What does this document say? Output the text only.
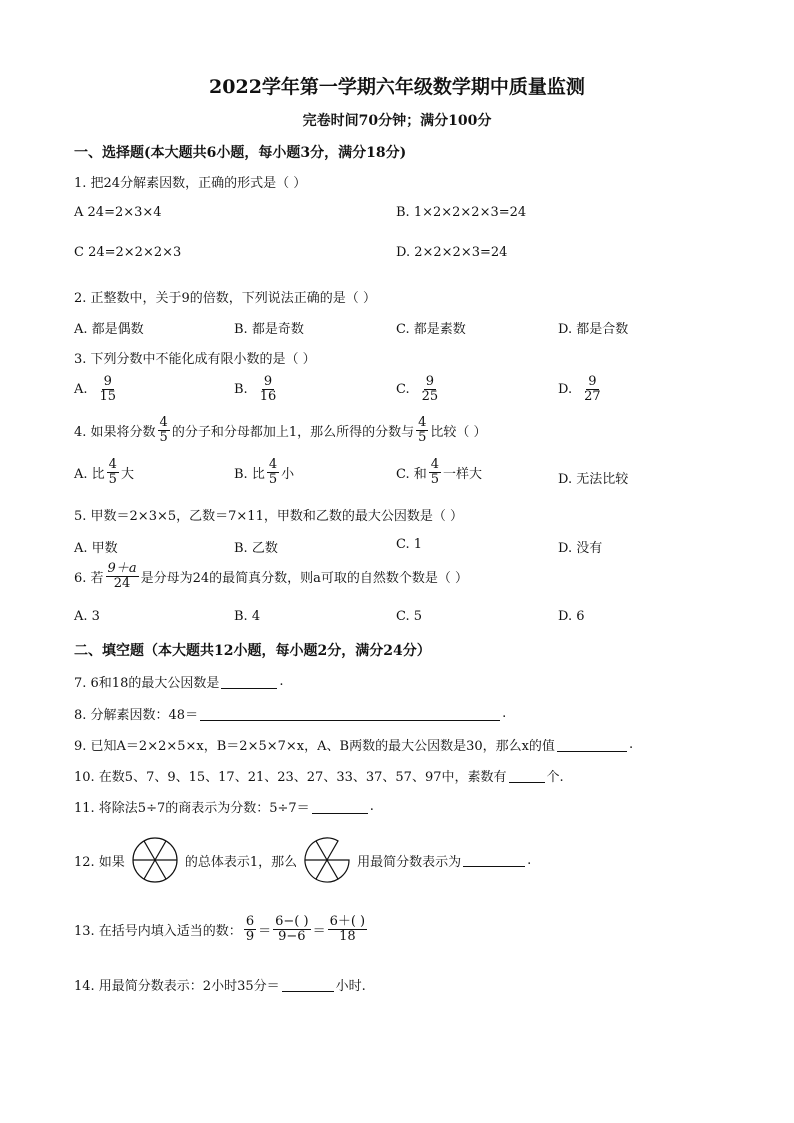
2022学年第一学期六年级数学期中质量监测
完卷时间70分钟；满分100分
一、选择题(本大题共6小题，每小题3分，满分18分)
1. 把24分解素因数，正确的形式是（ ）
A 24=2×3×4	B. 1×2×2×2×3=24
C 24=2×2×2×3	D. 2×2×2×3=24
2. 正整数中，关于9的倍数，下列说法正确的是（ ）
A. 都是偶数	B. 都是奇数	C. 都是素数	D. 都是合数
3. 下列分数中不能化成有限小数的是（ ）
A. $\frac{9}{15}$	B. $\frac{9}{16}$	C. $\frac{9}{25}$	D. $\frac{9}{27}$
4. 如果将分数 $\frac{4}{5}$ 的分子和分母都加上1，那么所得的分数与 $\frac{4}{5}$ 比较（ ）
A. 比 $\frac{4}{5}$ 大	B. 比 $\frac{4}{5}$ 小	C. 和 $\frac{4}{5}$ 一样大	D. 无法比较
5. 甲数＝2×3×5，乙数＝7×11，甲数和乙数的最大公因数是（ ）
A. 甲数	B. 乙数	C. 1	D. 没有
6. 若 $\frac{9+a}{24}$ 是分母为24的最简真分数，则a可取的自然数个数是（ ）
A. 3	B. 4	C. 5	D. 6
二、填空题（本大题共12小题，每小题2分，满分24分）
7. 6和18的最大公因数是	.
8. 分解素因数：48＝	.
9. 已知A＝2×2×5×x，B＝2×5×7×x，A、B两数的最大公因数是30，那么x的值	.
10. 在数5、7、9、15、17、21、23、27、33、37、57、97中，素数有	个.
11. 将除法5÷7的商表示为分数：5÷7＝	.
12. 如果	的总体表示1，那么	用最简分数表示为	.
13. 在括号内填入适当的数： $\frac{6}{9} = \frac{6-( )}{9-6} = \frac{6+( )}{18}$
14. 用最简分数表示：2小时35分＝	小时.
